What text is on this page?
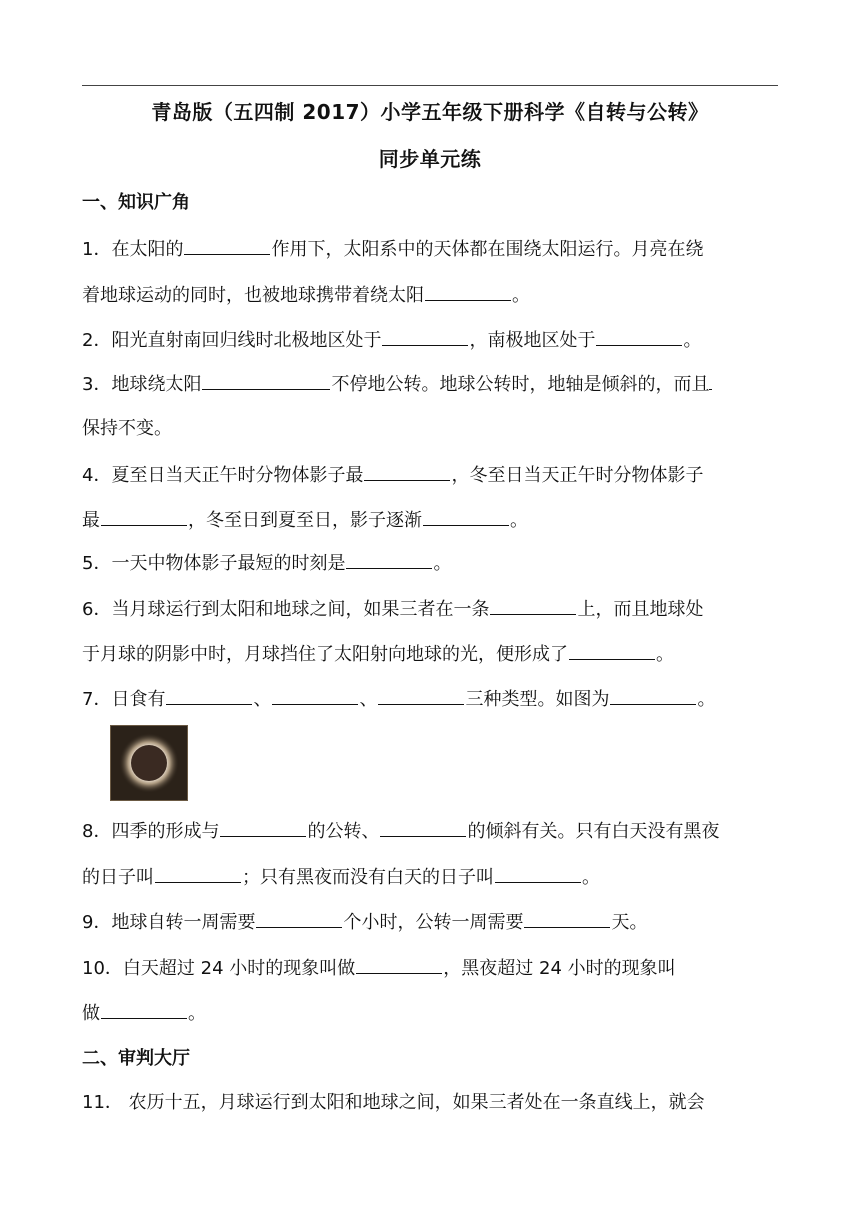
青岛版（五四制 2017）小学五年级下册科学《自转与公转》
同步单元练
一、知识广角
1．在太阳的	作用下，太阳系中的天体都在围绕太阳运行。月亮在绕
着地球运动的同时，也被地球携带着绕太阳	。
2．阳光直射南回归线时北极地区处于	，南极地区处于	。
3．地球绕太阳	不停地公转。地球公转时，地轴是倾斜的，而且
保持不变。
4．夏至日当天正午时分物体影子最	，冬至日当天正午时分物体影子
最	，冬至日到夏至日，影子逐渐	。
5．一天中物体影子最短的时刻是	。
6．当月球运行到太阳和地球之间，如果三者在一条	上，而且地球处
于月球的阴影中时，月球挡住了太阳射向地球的光，便形成了	。
7．日食有	、	、	三种类型。如图为	。
8．四季的形成与	的公转、	的倾斜有关。只有白天没有黑夜
的日子叫	；只有黑夜而没有白天的日子叫	。
9．地球自转一周需要	个小时，公转一周需要	天。
10．白天超过 24 小时的现象叫做	，黑夜超过 24 小时的现象叫
做	。
二、审判大厅
11． 农历十五，月球运行到太阳和地球之间，如果三者处在一条直线上，就会
